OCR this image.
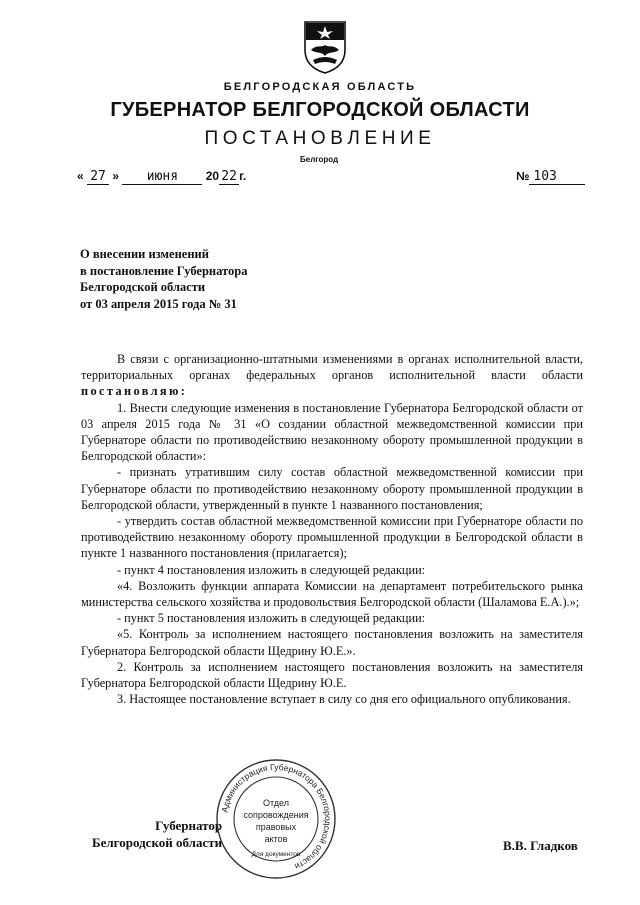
БЕЛГОРОДСКАЯ ОБЛАСТЬ
ГУБЕРНАТОР БЕЛГОРОДСКОЙ ОБЛАСТИ
ПОСТАНОВЛЕНИЕ
Белгород
« 27 » июня 20 22 г.	№ 103
О внесении изменений
в постановление Губернатора
Белгородской области
от 03 апреля 2015 года № 31

В связи с организационно-штатными изменениями в органах исполнительной власти, территориальных органах федеральных органов исполнительной власти области постановляю:

1. Внести следующие изменения в постановление Губернатора Белгородской области от 03 апреля 2015 года № 31 «О создании областной межведомственной комиссии при Губернаторе области по противодействию незаконному обороту промышленной продукции в Белгородской области»:

- признать утратившим силу состав областной межведомственной комиссии при Губернаторе области по противодействию незаконному обороту промышленной продукции в Белгородской области, утвержденный в пункте 1 названного постановления;

- утвердить состав областной межведомственной комиссии при Губернаторе области по противодействию незаконному обороту промышленной продукции в Белгородской области в пункте 1 названного постановления (прилагается);

- пункт 4 постановления изложить в следующей редакции:

«4. Возложить функции аппарата Комиссии на департамент потребительского рынка министерства сельского хозяйства и продовольствия Белгородской области (Шаламова Е.А.).»;

- пункт 5 постановления изложить в следующей редакции:

«5. Контроль за исполнением настоящего постановления возложить на заместителя Губернатора Белгородской области Щедрину Ю.Е.».

2. Контроль за исполнением настоящего постановления возложить на заместителя Губернатора Белгородской области Щедрину Ю.Е.

3. Настоящее постановление вступает в силу со дня его официального опубликования.

Губернатор
Белгородской области	В.В. Гладков
Администрация Губернатора Белгородской области
Отдел
сопровождения
правовых
актов
Для документов
